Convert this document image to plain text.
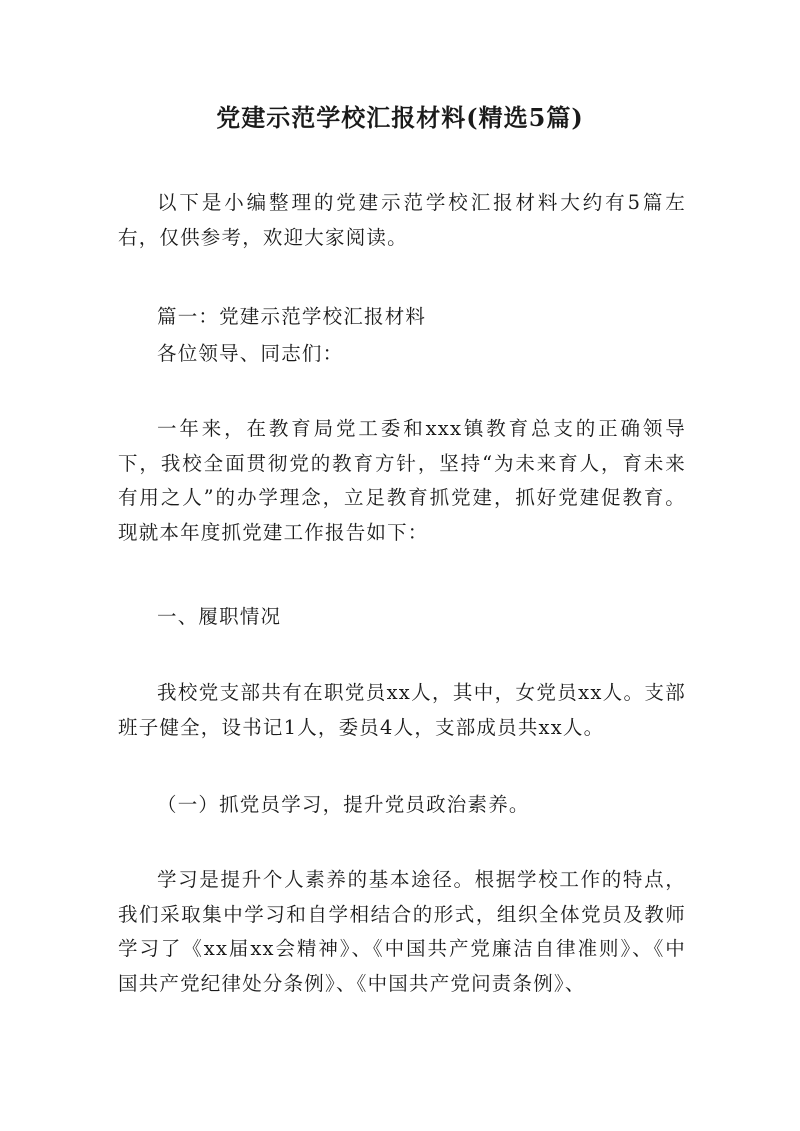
党建示范学校汇报材料(精选5篇)

以下是小编整理的党建示范学校汇报材料大约有5篇左右，仅供参考，欢迎大家阅读。

篇一：党建示范学校汇报材料

各位领导、同志们：

一年来，在教育局党工委和xxx镇教育总支的正确领导下，我校全面贯彻党的教育方针，坚持“为未来育人，育未来有用之人”的办学理念，立足教育抓党建，抓好党建促教育。现就本年度抓党建工作报告如下：

一、履职情况

我校党支部共有在职党员xx人，其中，女党员xx人。支部班子健全，设书记1人，委员4人，支部成员共xx人。

（一）抓党员学习，提升党员政治素养。

学习是提升个人素养的基本途径。根据学校工作的特点，我们采取集中学习和自学相结合的形式，组织全体党员及教师学习了《xx届xx会精神》、《中国共产党廉洁自律准则》、《中国共产党纪律处分条例》、《中国共产党问责条例》、
